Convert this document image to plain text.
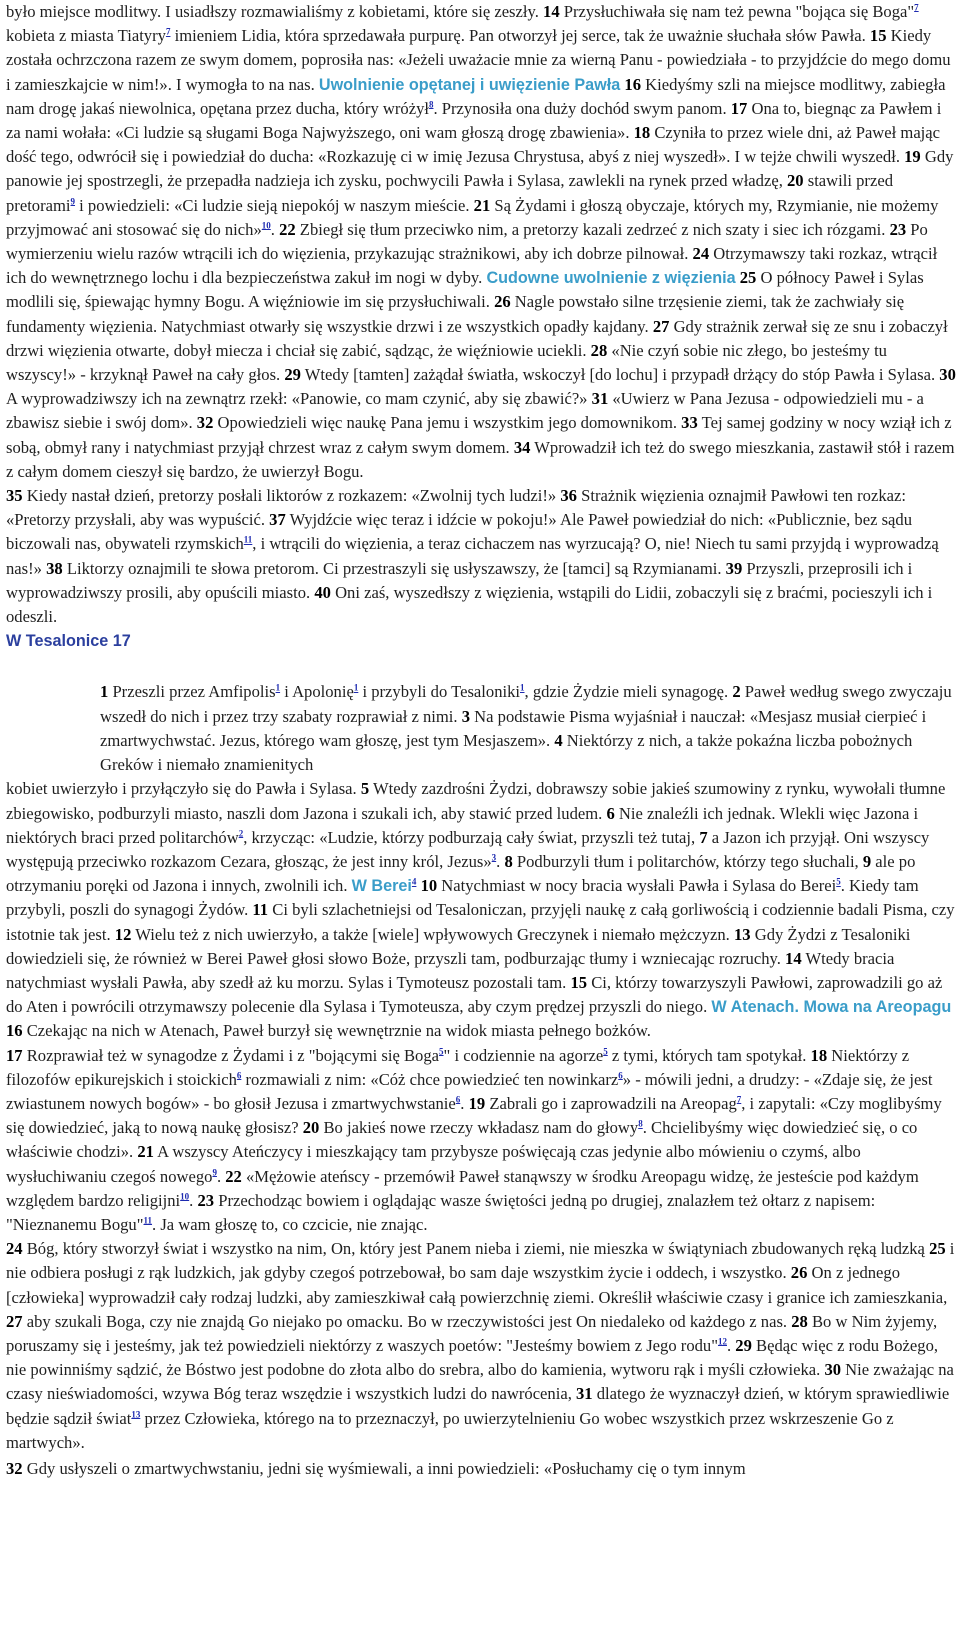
było miejsce modlitwy. I usiadłszy rozmawialiśmy z kobietami, które się zeszły. 14 Przysłuchiwała się nam też pewna "bojąca się Boga"$^7$ kobieta z miasta Tiatyry$^7$ imieniem Lidia, która sprzedawała purpurę. Pan otworzył jej serce, tak że uważnie słuchała słów Pawła. 15 Kiedy została ochrzczona razem ze swym domem, poprosiła nas: «Jeżeli uważacie mnie za wierną Panu - powiedziała - to przyjdźcie do mego domu i zamieszkajcie w nim!». I wymogła to na nas. Uwolnienie opętanej i uwięzienie Pawła 16 Kiedyśmy szli na miejsce modlitwy, zabiegła nam drogę jakaś niewolnica, opętana przez ducha, który wróżył$^8$. Przynosiła ona duży dochód swym panom. 17 Ona to, biegnąc za Pawłem i za nami wołała: «Ci ludzie są sługami Boga Najwyższego, oni wam głoszą drogę zbawienia». 18 Czyniła to przez wiele dni, aż Paweł mając dość tego, odwrócił się i powiedział do ducha: «Rozkazuję ci w imię Jezusa Chrystusa, abyś z niej wyszedł». I w tejże chwili wyszedł. 19 Gdy panowie jej spostrzegli, że przepadła nadzieja ich zysku, pochwycili Pawła i Sylasa, zawlekli na rynek przed władzę, 20 stawili przed pretorami$^9$ i powiedzieli: «Ci ludzie sieją niepokój w naszym mieście. 21 Są Żydami i głoszą obyczaje, których my, Rzymianie, nie możemy przyjmować ani stosować się do nich»$^{10}$. 22 Zbiegł się tłum przeciwko nim, a pretorzy kazali zedrzeć z nich szaty i siec ich rózgami. 23 Po wymierzeniu wielu razów wtrącili ich do więzienia, przykazując strażnikowi, aby ich dobrze pilnował. 24 Otrzymawszy taki rozkaz, wtrącił ich do wewnętrznego lochu i dla bezpieczeństwa zakuł im nogi w dyby. Cudowne uwolnienie z więzienia 25 O północy Paweł i Sylas modlili się, śpiewając hymny Bogu. A więźniowie im się przysłuchiwali. 26 Nagle powstało silne trzęsienie ziemi, tak że zachwiały się fundamenty więzienia. Natychmiast otwarły się wszystkie drzwi i ze wszystkich opadły kajdany. 27 Gdy strażnik zerwał się ze snu i zobaczył drzwi więzienia otwarte, dobył miecza i chciał się zabić, sądząc, że więźniowie uciekli. 28 «Nie czyń sobie nic złego, bo jesteśmy tu wszyscy!» - krzyknął Paweł na cały głos. 29 Wtedy [tamten] zażądał światła, wskoczył [do lochu] i przypadł drżący do stóp Pawła i Sylasa. 30 A wyprowadziwszy ich na zewnątrz rzekł: «Panowie, co mam czynić, aby się zbawić?» 31 «Uwierz w Pana Jezusa - odpowiedzieli mu - a zbawisz siebie i swój dom». 32 Opowiedzieli więc naukę Pana jemu i wszystkim jego domownikom. 33 Tej samej godziny w nocy wziął ich z sobą, obmył rany i natychmiast przyjął chrzest wraz z całym swym domem. 34 Wprowadził ich też do swego mieszkania, zastawił stół i razem z całym domem cieszył się bardzo, że uwierzył Bogu.
35 Kiedy nastał dzień, pretorzy posłali liktorów z rozkazem: «Zwolnij tych ludzi!» 36 Strażnik więzienia oznajmił Pawłowi ten rozkaz: «Pretorzy przysłali, aby was wypuścić. 37 Wyjdźcie więc teraz i idźcie w pokoju!» Ale Paweł powiedział do nich: «Publicznie, bez sądu biczowali nas, obywateli rzymskich$^{11}$, i wtrącili do więzienia, a teraz cichaczem nas wyrzucają? O, nie! Niech tu sami przyjdą i wyprowadzą nas!» 38 Liktorzy oznajmili te słowa pretorom. Ci przestraszyli się usłyszawszy, że [tamci] są Rzymianami. 39 Przyszli, przeprosili ich i wyprowadziwszy prosili, aby opuścili miasto. 40 Oni zaś, wyszedłszy z więzienia, wstąpili do Lidii, zobaczyli się z braćmi, pocieszyli ich i odeszli.

W Tesalonice 17

1 Przeszli przez Amfipolis$^1$ i Apolonię$^1$ i przybyli do Tesaloniki$^1$, gdzie Żydzie mieli synagogę. 2 Paweł według swego zwyczaju wszedł do nich i przez trzy szabaty rozprawiał z nimi. 3 Na podstawie Pisma wyjaśniał i nauczał: «Mesjasz musiał cierpieć i zmartwychwstać. Jezus, którego wam głoszę, jest tym Mesjaszem». 4 Niektórzy z nich, a także pokaźna liczba pobożnych Greków i niemało znamienitych

kobiet uwierzyło i przyłączyło się do Pawła i Sylasa. 5 Wtedy zazdrośni Żydzi, dobrawszy sobie jakieś szumowiny z rynku, wywołali tłumne zbiegowisko, podburzyli miasto, naszli dom Jazona i szukali ich, aby stawić przed ludem. 6 Nie znaleźli ich jednak. Wlekli więc Jazona i niektórych braci przed politarchów$^2$, krzycząc: «Ludzie, którzy podburzają cały świat, przyszli też tutaj, 7 a Jazon ich przyjął. Oni wszyscy występują przeciwko rozkazom Cezara, głosząc, że jest inny król, Jezus»$^3$. 8 Podburzyli tłum i politarchów, którzy tego słuchali, 9 ale po otrzymaniu poręki od Jazona i innych, zwolnili ich. W Berei$^4$ 10 Natychmiast w nocy bracia wysłali Pawła i Sylasa do Berei$^5$. Kiedy tam przybyli, poszli do synagogi Żydów. 11 Ci byli szlachetniejsi od Tesaloniczan, przyjęli naukę z całą gorliwością i codziennie badali Pisma, czy istotnie tak jest. 12 Wielu też z nich uwierzyło, a także [wiele] wpływowych Greczynek i niemało mężczyzn. 13 Gdy Żydzi z Tesaloniki dowiedzieli się, że również w Berei Paweł głosi słowo Boże, przyszli tam, podburzając tłumy i wzniecając rozruchy. 14 Wtedy bracia natychmiast wysłali Pawła, aby szedł aż ku morzu. Sylas i Tymoteusz pozostali tam. 15 Ci, którzy towarzyszyli Pawłowi, zaprowadzili go aż do Aten i powrócili otrzymawszy polecenie dla Sylasa i Tymoteusza, aby czym prędzej przyszli do niego. W Atenach. Mowa na Areopagu 16 Czekając na nich w Atenach, Paweł burzył się wewnętrznie na widok miasta pełnego bożków.
17 Rozprawiał też w synagodze z Żydami i z "bojącymi się Boga$^5$" i codziennie na agorze$^5$ z tymi, których tam spotykał. 18 Niektórzy z filozofów epikurejskich i stoickich$^6$ rozmawiali z nim: «Cóż chce powiedzieć ten nowinkarz$^6$» - mówili jedni, a drudzy: - «Zdaje się, że jest zwiastunem nowych bogów» - bo głosił Jezusa i zmartwychwstanie$^6$. 19 Zabrali go i zaprowadzili na Areopag$^7$, i zapytali: «Czy moglibyśmy się dowiedzieć, jaką to nową naukę głosisz? 20 Bo jakieś nowe rzeczy wkładasz nam do głowy$^8$. Chcielibyśmy więc dowiedzieć się, o co właściwie chodzi». 21 A wszyscy Ateńczycy i mieszkający tam przybysze poświęcają czas jedynie albo mówieniu o czymś, albo wysłuchiwaniu czegoś nowego$^9$. 22 «Mężowie ateńscy - przemówił Paweł stanąwszy w środku Areopagu widzę, że jesteście pod każdym względem bardzo religijni$^{10}$. 23 Przechodząc bowiem i oglądając wasze świętości jedną po drugiej, znalazłem też ołtarz z napisem: "Nieznanemu Bogu"$^{11}$. Ja wam głoszę to, co czcicie, nie znając.
24 Bóg, który stworzył świat i wszystko na nim, On, który jest Panem nieba i ziemi, nie mieszka w świątyniach zbudowanych ręką ludzką 25 i nie odbiera posługi z rąk ludzkich, jak gdyby czegoś potrzebował, bo sam daje wszystkim życie i oddech, i wszystko. 26 On z jednego [człowieka] wyprowadził cały rodzaj ludzki, aby zamieszkiwał całą powierzchnię ziemi. Określił właściwie czasy i granice ich zamieszkania, 27 aby szukali Boga, czy nie znajdą Go niejako po omacku. Bo w rzeczywistości jest On niedaleko od każdego z nas. 28 Bo w Nim żyjemy, poruszamy się i jesteśmy, jak też powiedzieli niektórzy z waszych poetów: "Jesteśmy bowiem z Jego rodu"$^{12}$. 29 Będąc więc z rodu Bożego, nie powinniśmy sądzić, że Bóstwo jest podobne do złota albo do srebra, albo do kamienia, wytworu rąk i myśli człowieka. 30 Nie zważając na czasy nieświadomości, wzywa Bóg teraz wszędzie i wszystkich ludzi do nawrócenia, 31 dlatego że wyznaczył dzień, w którym sprawiedliwie będzie sądził świat$^{13}$ przez Człowieka, którego na to przeznaczył, po uwierzytelnieniu Go wobec wszystkich przez wskrzeszenie Go z martwych».

32 Gdy usłyszeli o zmartwychwstaniu, jedni się wyśmiewali, a inni powiedzieli: «Posłuchamy cię o tym innym
